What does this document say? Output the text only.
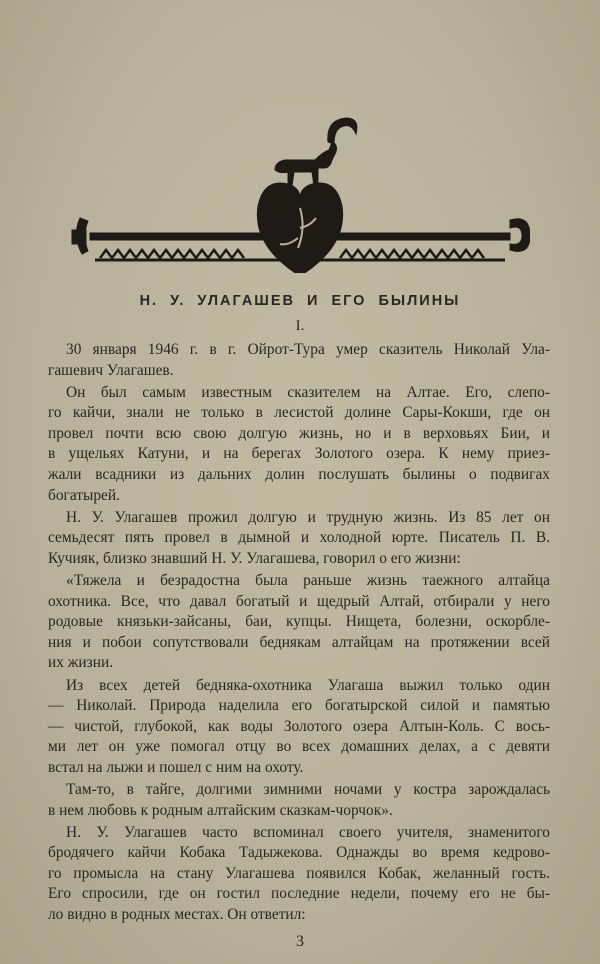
Н. У. УЛАГАШЕВ И ЕГО БЫЛИНЫ
I.
30 января 1946 г. в г. Ойрот-Тура умер сказитель Николай Ула-
гашевич Улагашев.
Он был самым известным сказителем на Алтае. Его, слепо-
го кайчи, знали не только в лесистой долине Сары-Кокши, где он
провел почти всю свою долгую жизнь, но и в верховьях Бии, и
в ущельях Катуни, и на берегах Золотого озера. К нему приез-
жали всадники из дальних долин послушать былины о подвигах
богатырей.
Н. У. Улагашев прожил долгую и трудную жизнь. Из 85 лет он
семьдесят пять провел в дымной и холодной юрте. Писатель П. В.
Кучияк, близко знавший Н. У. Улагашева, говорил о его жизни:
«Тяжела и безрадостна была раньше жизнь таежного алтайца
охотника. Все, что давал богатый и щедрый Алтай, отбирали у него
родовые князьки-зайсаны, баи, купцы. Нищета, болезни, оскорбле-
ния и побои сопутствовали беднякам алтайцам на протяжении всей
их жизни.
Из всех детей бедняка-охотника Улагаша выжил только один
— Николай. Природа наделила его богатырской силой и памятью
— чистой, глубокой, как воды Золотого озера Алтын-Коль. С вось-
ми лет он уже помогал отцу во всех домашних делах, а с девяти
встал на лыжи и пошел с ним на охоту.
Там-то, в тайге, долгими зимними ночами у костра зарождалась
в нем любовь к родным алтайским сказкам-чорчок».
Н. У. Улагашев часто вспоминал своего учителя, знаменитого
бродячего кайчи Кобака Тадыжекова. Однажды во время кедрово-
го промысла на стану Улагашева появился Кобак, желанный гость.
Его спросили, где он гостил последние недели, почему его не бы-
ло видно в родных местах. Он ответил:
3
